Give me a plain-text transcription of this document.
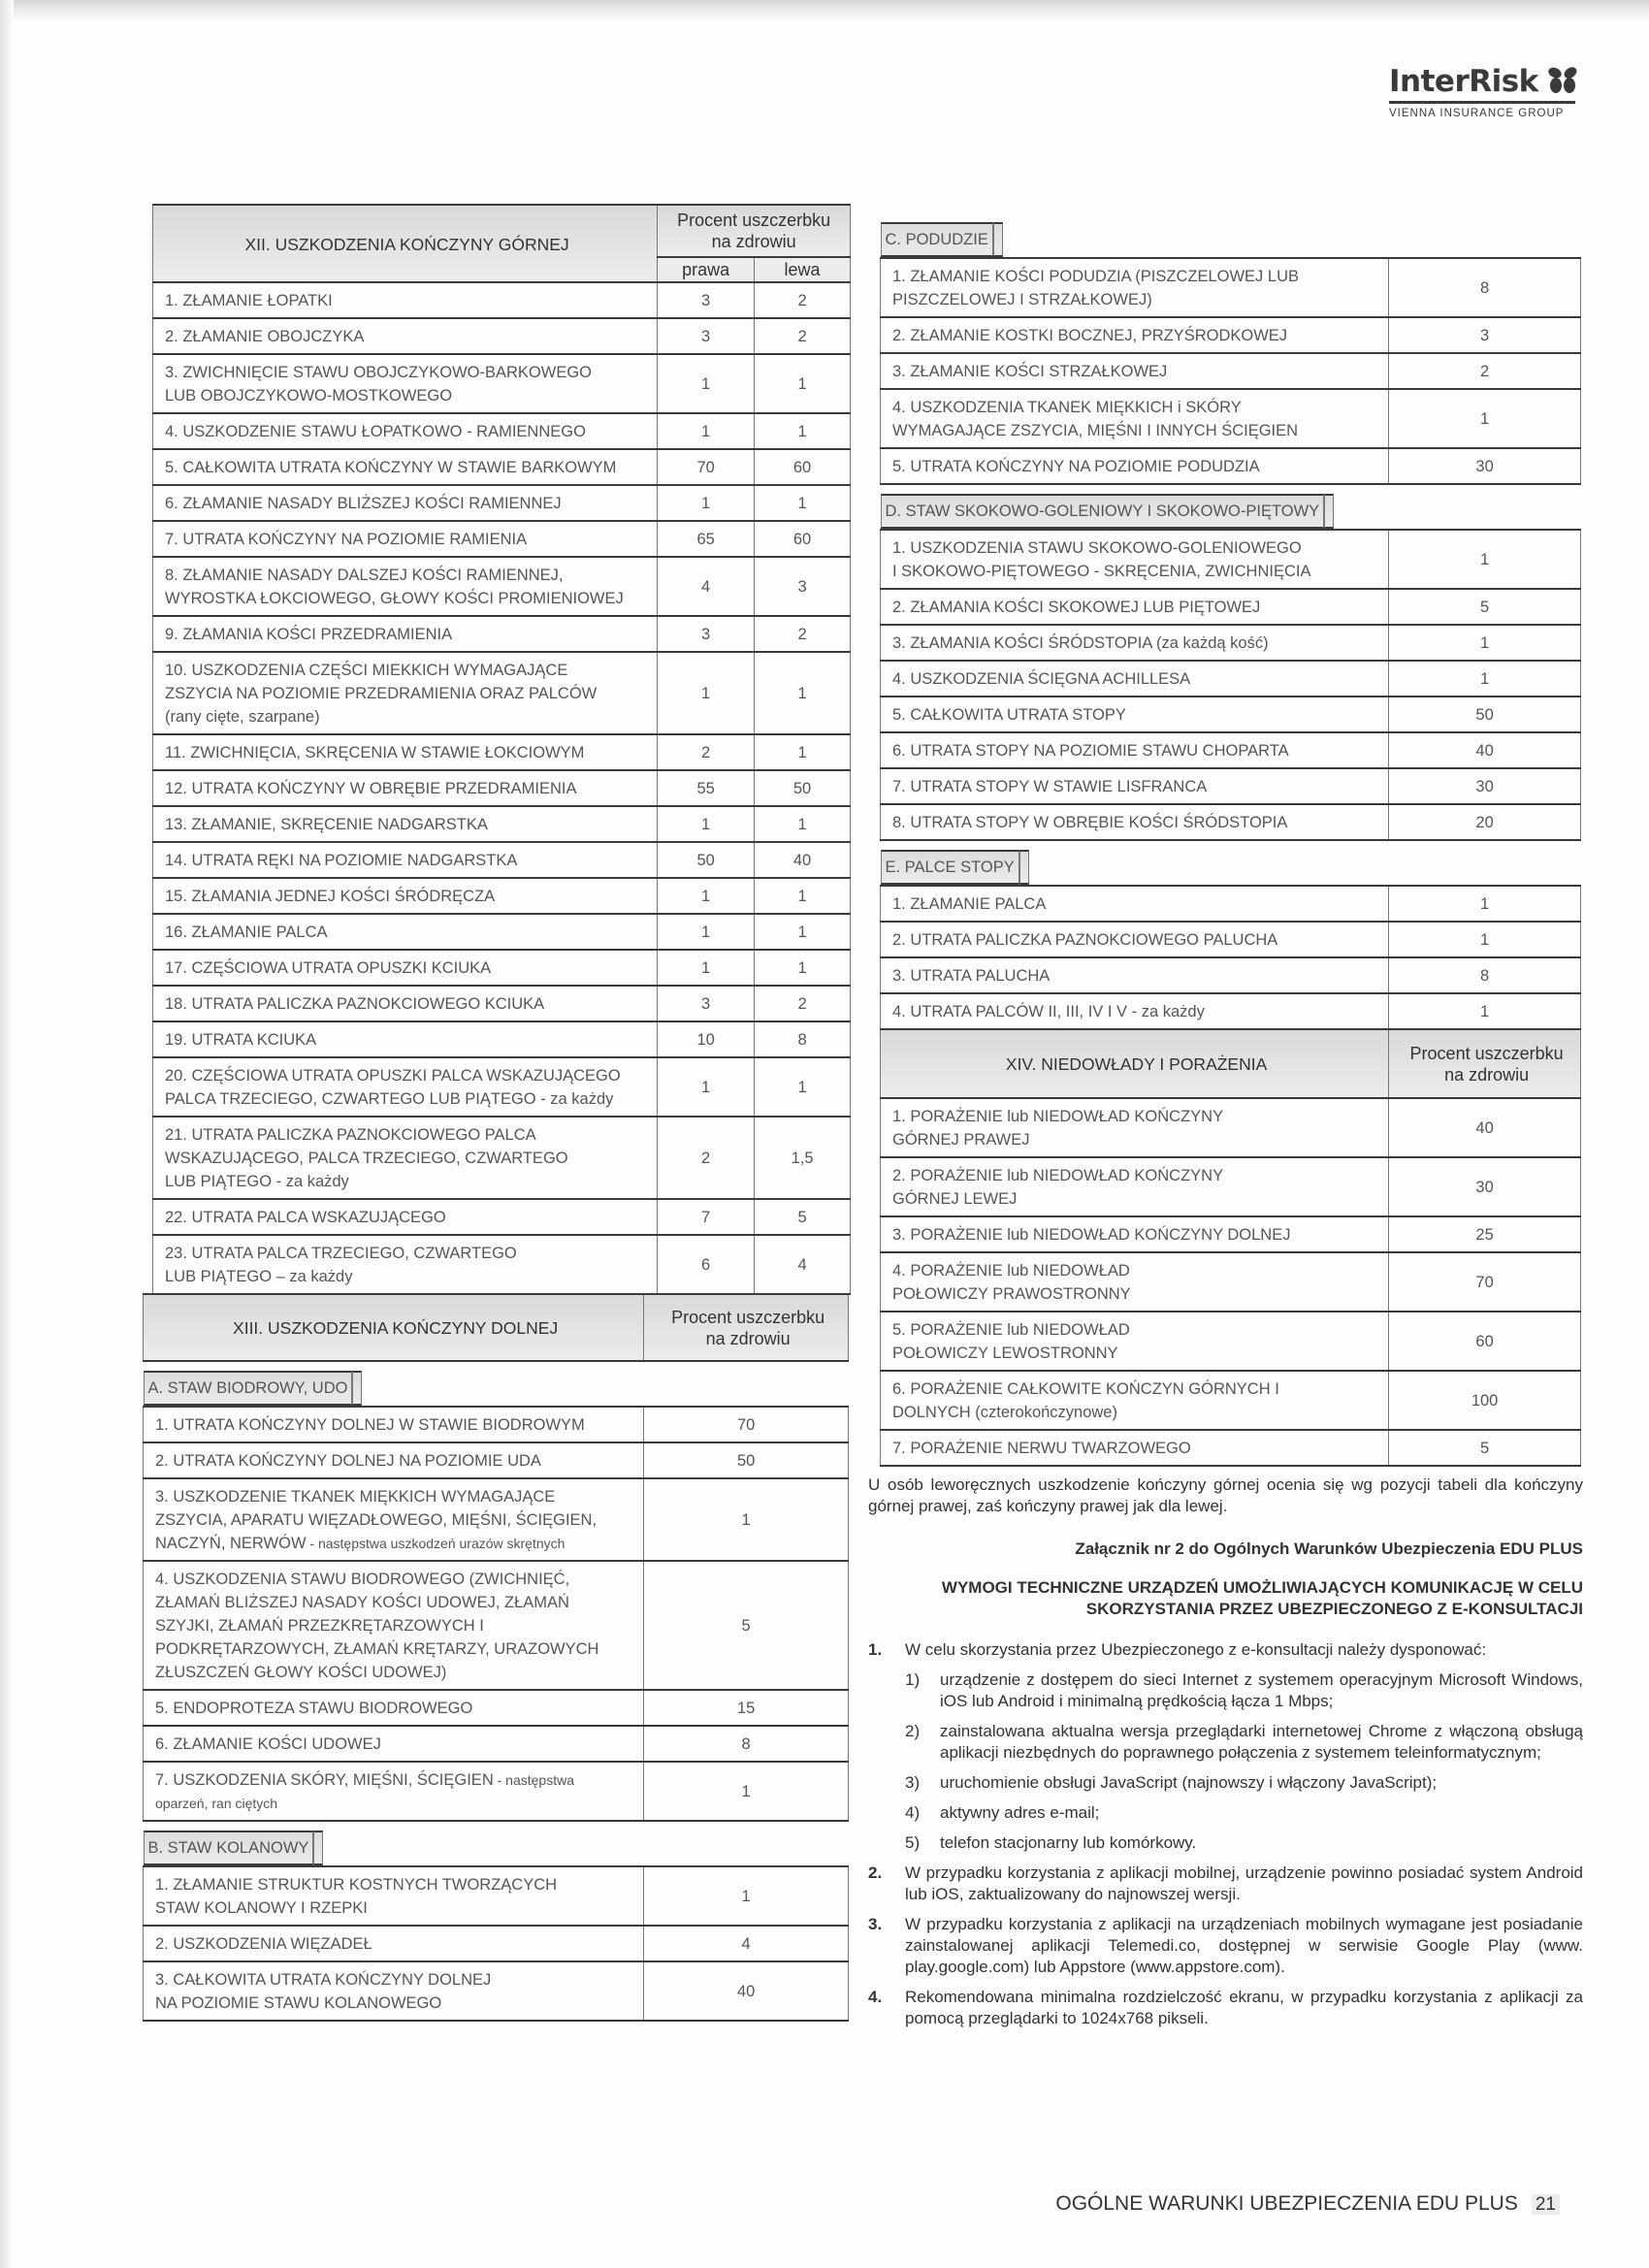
InterRisk
VIENNA INSURANCE GROUP
XII. USZKODZENIA KOŃCZYNY GÓRNEJ	Procent uszczerbku
na zdrowiu	
	prawa	lewa
1. ZŁAMANIE ŁOPATKI	3	2
2. ZŁAMANIE OBOJCZYKA	3	2
3. ZWICHNIĘCIE STAWU OBOJCZYKOWO-BARKOWEGO
LUB OBOJCZYKOWO-MOSTKOWEGO	1	1
4. USZKODZENIE STAWU ŁOPATKOWO - RAMIENNEGO	1	1
5. CAŁKOWITA UTRATA KOŃCZYNY W STAWIE BARKOWYM	70	60
6. ZŁAMANIE NASADY BLIŻSZEJ KOŚCI RAMIENNEJ	1	1
7. UTRATA KOŃCZYNY NA POZIOMIE RAMIENIA	65	60
8. ZŁAMANIE NASADY DALSZEJ KOŚCI RAMIENNEJ,
WYROSTKA ŁOKCIOWEGO, GŁOWY KOŚCI PROMIENIOWEJ	4	3
9. ZŁAMANIA KOŚCI PRZEDRAMIENIA	3	2
10. USZKODZENIA CZĘŚCI MIEKKICH WYMAGAJĄCE
ZSZYCIA NA POZIOMIE PRZEDRAMIENIA ORAZ PALCÓW
(rany cięte, szarpane)	1	1
11. ZWICHNIĘCIA, SKRĘCENIA W STAWIE ŁOKCIOWYM	2	1
12. UTRATA KOŃCZYNY W OBRĘBIE PRZEDRAMIENIA	55	50
13. ZŁAMANIE, SKRĘCENIE NADGARSTKA	1	1
14. UTRATA RĘKI NA POZIOMIE NADGARSTKA	50	40
15. ZŁAMANIA JEDNEJ KOŚCI ŚRÓDRĘCZA	1	1
16. ZŁAMANIE PALCA	1	1
17. CZĘŚCIOWA UTRATA OPUSZKI KCIUKA	1	1
18. UTRATA PALICZKA PAZNOKCIOWEGO KCIUKA	3	2
19. UTRATA KCIUKA	10	8
20. CZĘŚCIOWA UTRATA OPUSZKI PALCA WSKAZUJĄCEGO
PALCA TRZECIEGO, CZWARTEGO LUB PIĄTEGO - za każdy	1	1
21. UTRATA PALICZKA PAZNOKCIOWEGO PALCA
WSKAZUJĄCEGO, PALCA TRZECIEGO, CZWARTEGO
LUB PIĄTEGO - za każdy	2	1,5
22. UTRATA PALCA WSKAZUJĄCEGO	7	5
23. UTRATA PALCA TRZECIEGO, CZWARTEGO
LUB PIĄTEGO – za każdy	6	4
XIII. USZKODZENIA KOŃCZYNY DOLNEJ	Procent uszczerbku
na zdrowiu

A. STAW BIODROWY, UDO
1. UTRATA KOŃCZYNY DOLNEJ W STAWIE BIODROWYM	70
2. UTRATA KOŃCZYNY DOLNEJ NA POZIOMIE UDA	50
3. USZKODZENIE TKANEK MIĘKKICH WYMAGAJĄCE
ZSZYCIA, APARATU WIĘZADŁOWEGO, MIĘŚNI, ŚCIĘGIEN,
NACZYŃ, NERWÓW - następstwa uszkodzeń urazów skrętnych	1
4. USZKODZENIA STAWU BIODROWEGO (ZWICHNIĘĆ,
ZŁAMAŃ BLIŻSZEJ NASADY KOŚCI UDOWEJ, ZŁAMAŃ
SZYJKI, ZŁAMAŃ PRZEZKRĘTARZOWYCH I
PODKRĘTARZOWYCH, ZŁAMAŃ KRĘTARZY, URAZOWYCH
ZŁUSZCZEŃ GŁOWY KOŚCI UDOWEJ)	5
5. ENDOPROTEZA STAWU BIODROWEGO	15
6. ZŁAMANIE KOŚCI UDOWEJ	8
7. USZKODZENIA SKÓRY, MIĘŚNI, ŚCIĘGIEN - następstwa
oparzeń, ran ciętych	1

B. STAW KOLANOWY
1. ZŁAMANIE STRUKTUR KOSTNYCH TWORZĄCYCH
STAW KOLANOWY I RZEPKI	1
2. USZKODZENIA WIĘZADEŁ	4
3. CAŁKOWITA UTRATA KOŃCZYNY DOLNEJ
NA POZIOMIE STAWU KOLANOWEGO	40
C. PODUDZIE
1. ZŁAMANIE KOŚCI PODUDZIA (PISZCZELOWEJ LUB
PISZCZELOWEJ I STRZAŁKOWEJ)	8
2. ZŁAMANIE KOSTKI BOCZNEJ, PRZYŚRODKOWEJ	3
3. ZŁAMANIE KOŚCI STRZAŁKOWEJ	2
4. USZKODZENIA TKANEK MIĘKKICH i SKÓRY
WYMAGAJĄCE ZSZYCIA, MIĘŚNI I INNYCH ŚCIĘGIEN	1
5. UTRATA KOŃCZYNY NA POZIOMIE PODUDZIA	30

D. STAW SKOKOWO-GOLENIOWY I SKOKOWO-PIĘTOWY
1. USZKODZENIA STAWU SKOKOWO-GOLENIOWEGO
I SKOKOWO-PIĘTOWEGO - SKRĘCENIA, ZWICHNIĘCIA	1
2. ZŁAMANIA KOŚCI SKOKOWEJ LUB PIĘTOWEJ	5
3. ZŁAMANIA KOŚCI ŚRÓDSTOPIA (za każdą kość)	1
4. USZKODZENIA ŚCIĘGNA ACHILLESA	1
5. CAŁKOWITA UTRATA STOPY	50
6. UTRATA STOPY NA POZIOMIE STAWU CHOPARTA	40
7. UTRATA STOPY W STAWIE LISFRANCA	30
8. UTRATA STOPY W OBRĘBIE KOŚCI ŚRÓDSTOPIA	20

E. PALCE STOPY
1. ZŁAMANIE PALCA	1
2. UTRATA PALICZKA PAZNOKCIOWEGO PALUCHA	1
3. UTRATA PALUCHA	8
4. UTRATA PALCÓW II, III, IV I V - za każdy	1
XIV. NIEDOWŁADY I PORAŻENIA	Procent uszczerbku
na zdrowiu
1. PORAŻENIE lub NIEDOWŁAD KOŃCZYNY
GÓRNEJ PRAWEJ	40
2. PORAŻENIE lub NIEDOWŁAD KOŃCZYNY
GÓRNEJ LEWEJ	30
3. PORAŻENIE lub NIEDOWŁAD KOŃCZYNY DOLNEJ	25
4. PORAŻENIE lub NIEDOWŁAD
POŁOWICZY PRAWOSTRONNY	70
5. PORAŻENIE lub NIEDOWŁAD
POŁOWICZY LEWOSTRONNY	60
6. PORAŻENIE CAŁKOWITE KOŃCZYN GÓRNYCH I
DOLNYCH (czterokończynowe)	100
7. PORAŻENIE NERWU TWARZOWEGO	5
U osób leworęcznych uszkodzenie kończyny górnej ocenia się wg pozycji tabeli dla kończyny górnej prawej, zaś kończyny prawej jak dla lewej.
Załącznik nr 2 do Ogólnych Warunków Ubezpieczenia EDU PLUS
WYMOGI TECHNICZNE URZĄDZEŃ UMOŻLIWIAJĄCYCH KOMUNIKACJĘ W CELU
SKORZYSTANIA PRZEZ UBEZPIECZONEGO Z E-KONSULTACJI
1.	W celu skorzystania przez Ubezpieczonego z e-konsultacji należy dysponować:
1)	urządzenie z dostępem do sieci Internet z systemem operacyjnym Microsoft Windows, iOS lub Android i minimalną prędkością łącza 1 Mbps;
2)	zainstalowana aktualna wersja przeglądarki internetowej Chrome z włączoną obsługą aplikacji niezbędnych do poprawnego połączenia z systemem teleinformatycznym;
3)	uruchomienie obsługi JavaScript (najnowszy i włączony JavaScript);
4)	aktywny adres e-mail;
5)	telefon stacjonarny lub komórkowy.
2.	W przypadku korzystania z aplikacji mobilnej, urządzenie powinno posiadać system Android lub iOS, zaktualizowany do najnowszej wersji.
3.	W przypadku korzystania z aplikacji na urządzeniach mobilnych wymagane jest posiadanie zainstalowanej aplikacji Telemedi.co, dostępnej w serwisie Google Play (www. play.google.com) lub Appstore (www.appstore.com).
4.	Rekomendowana minimalna rozdzielczość ekranu, w przypadku korzystania z aplikacji za pomocą przeglądarki to 1024x768 pikseli.
OGÓLNE WARUNKI UBEZPIECZENIA EDU PLUS 21
